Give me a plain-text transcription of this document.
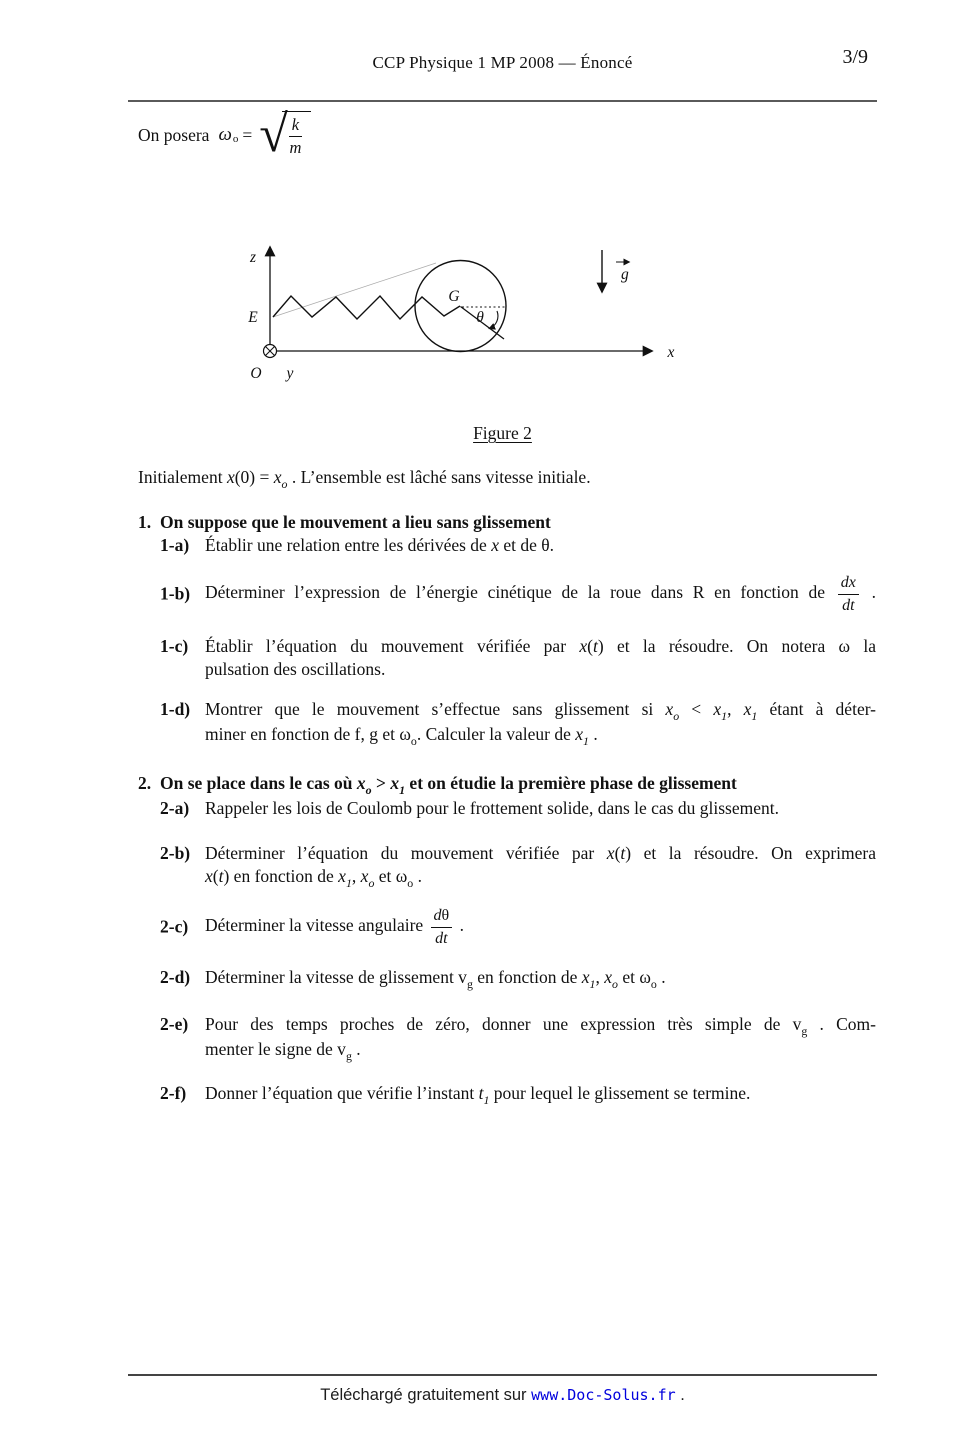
CCP Physique 1 MP 2008 — Énoncé	3/9
On posera ω o = √ $\frac{k}{m}$
z
x
E
O y
G
θ
g
Figure 2
Initialement $x(0) = x_o$ . L’ensemble est lâché sans vitesse initiale.
1. On suppose que le mouvement a lieu sans glissement
1-a) Établir une relation entre les dérivées de x et de θ.
1-b) Déterminer l’expression de l’énergie cinétique de la roue dans R en fonction de $\frac{dx}{dt}$ .
1-c) Établir l’équation du mouvement vérifiée par x(t) et la résoudre. On notera ω la
pulsation des oscillations.
1-d) Montrer que le mouvement s’effectue sans glissement si $x_o < x_1$, $x_1$ étant à déter-
miner en fonction de f, g et $\omega_o$. Calculer la valeur de $x_1$ .
2. On se place dans le cas où $x_o > x_1$ et on étudie la première phase de glissement
2-a) Rappeler les lois de Coulomb pour le frottement solide, dans le cas du glissement.
2-b) Déterminer l’équation du mouvement vérifiée par x(t) et la résoudre. On exprimera
x(t) en fonction de $x_1$, $x_o$ et $\omega_o$ .
2-c) Déterminer la vitesse angulaire $\frac{d\theta}{dt}$ .
2-d) Déterminer la vitesse de glissement $v_g$ en fonction de $x_1$, $x_o$ et $\omega_o$ .
2-e) Pour des temps proches de zéro, donner une expression très simple de $v_g$ . Com-
menter le signe de $v_g$ .
2-f) Donner l’équation que vérifie l’instant $t_1$ pour lequel le glissement se termine.
Téléchargé gratuitement sur www.Doc-Solus.fr .
